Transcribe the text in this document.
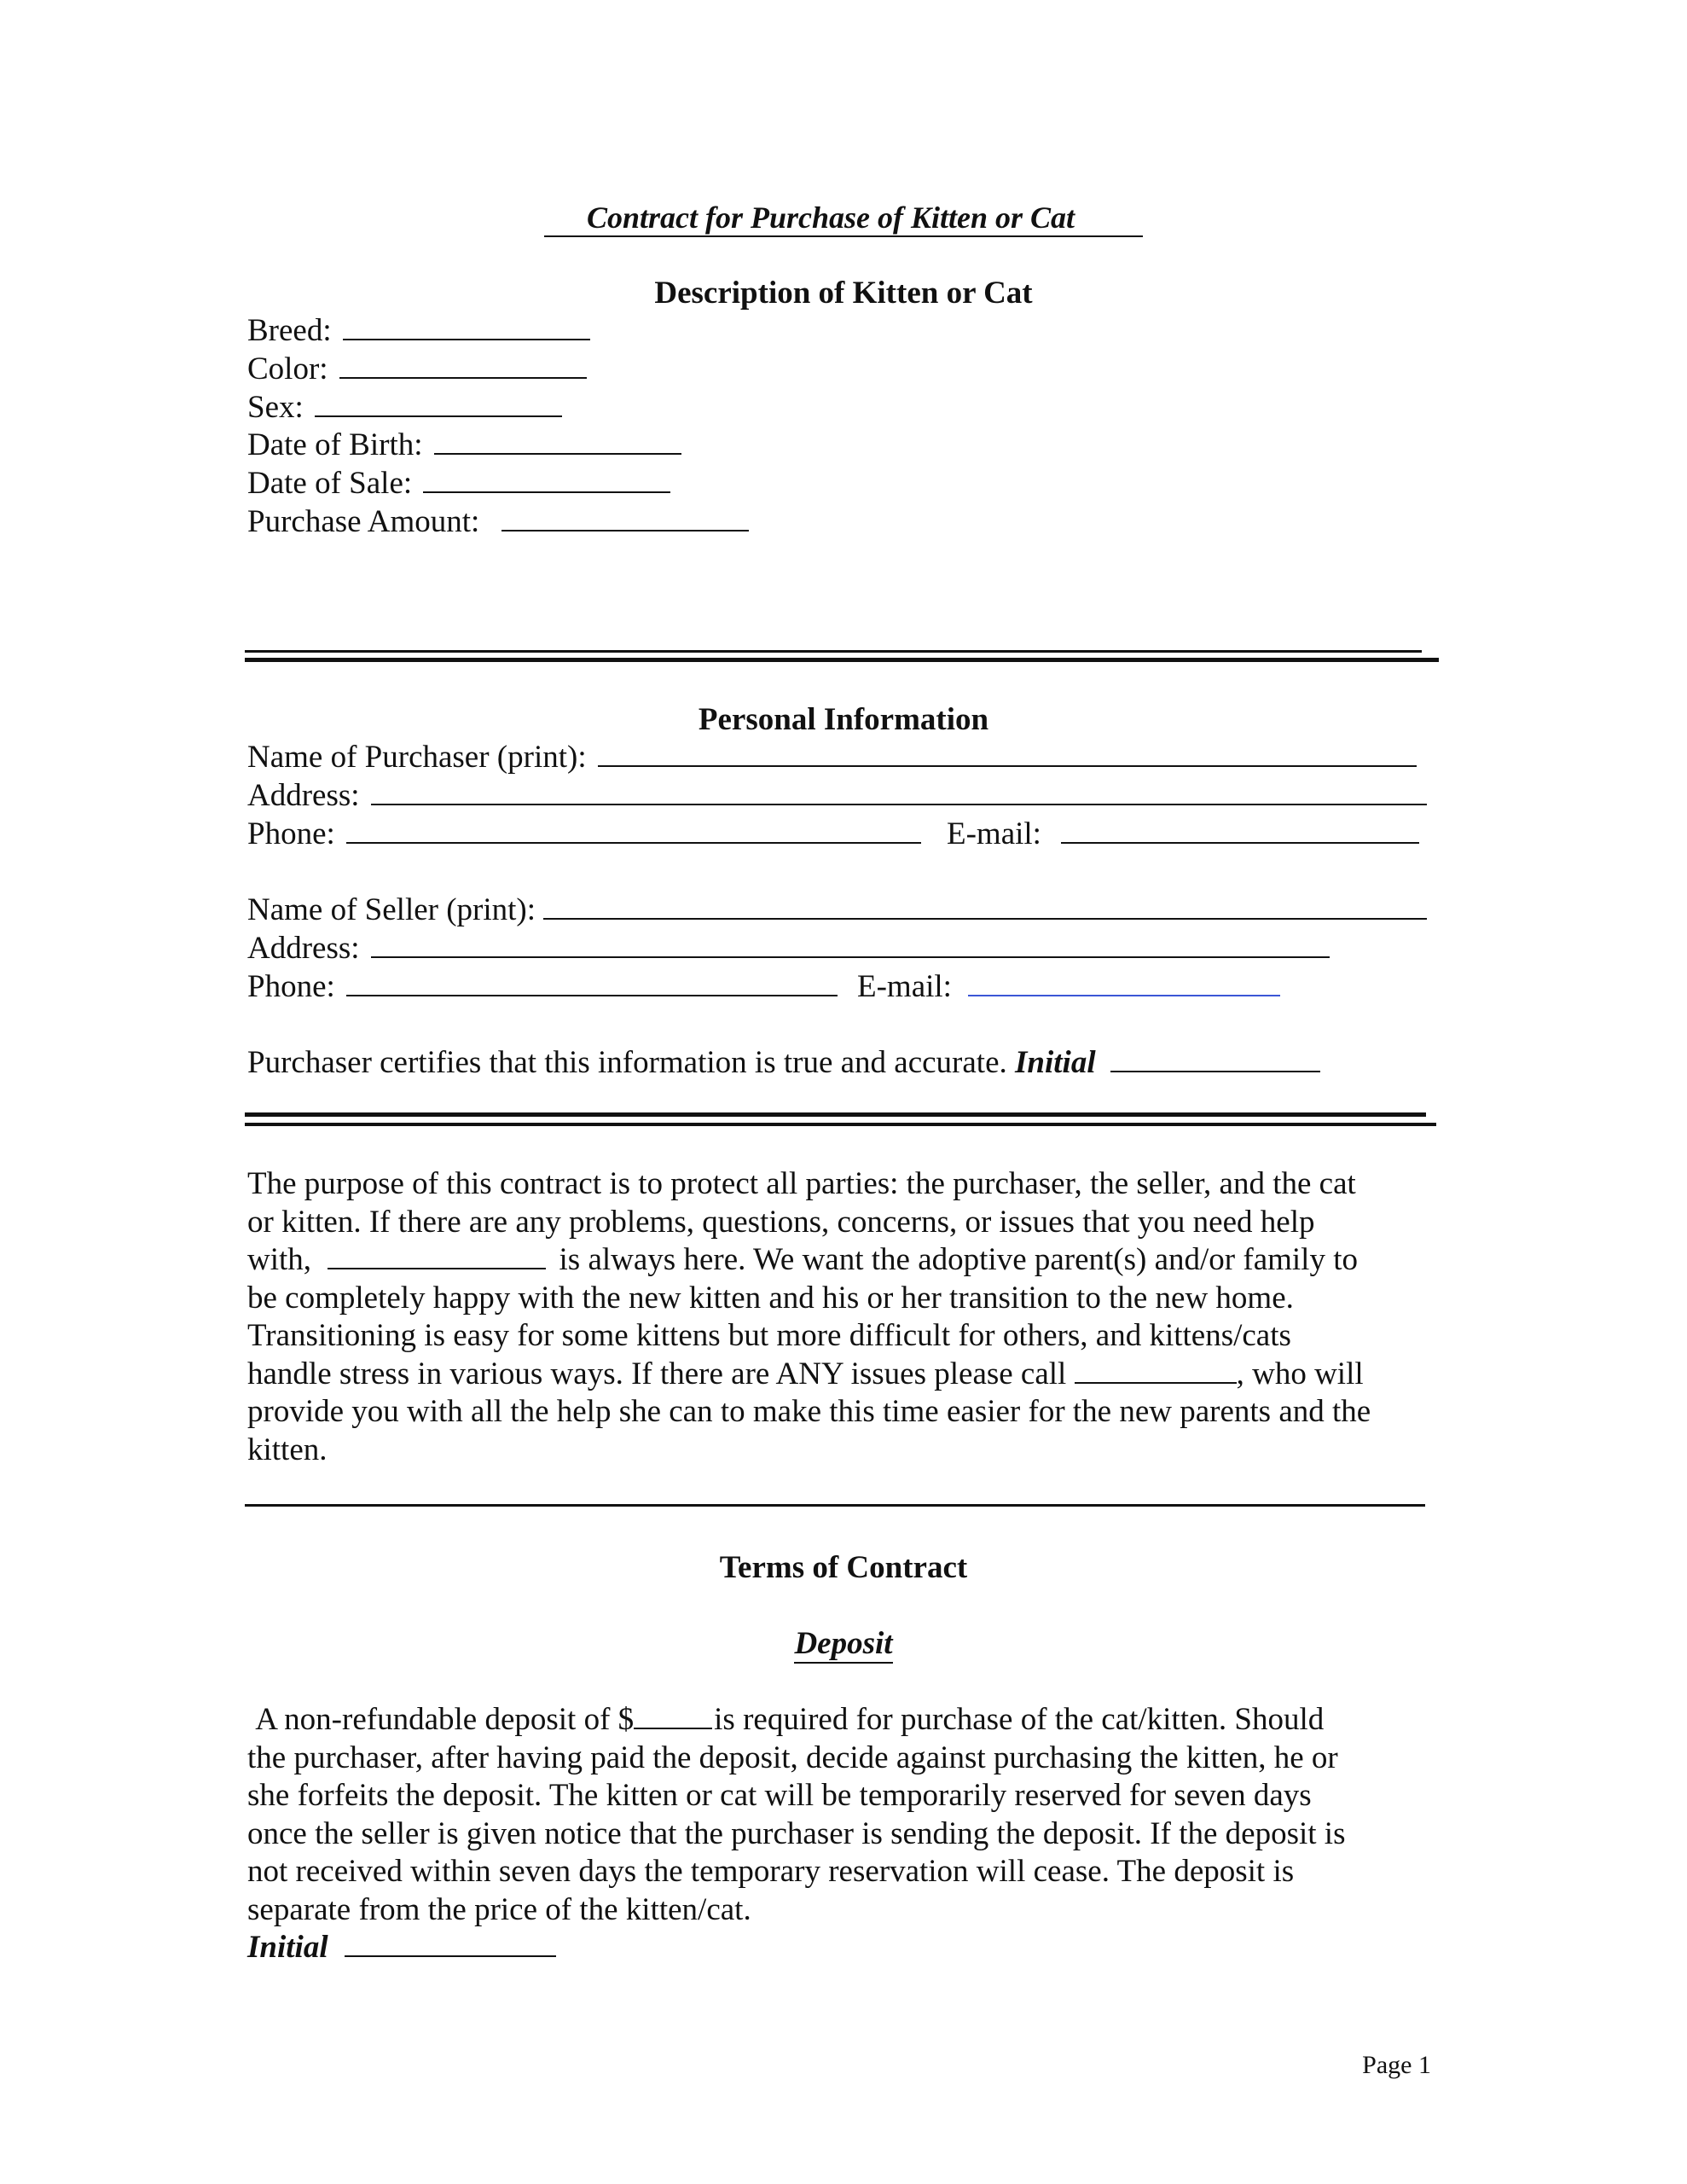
Contract for Purchase of Kitten or Cat
Description of Kitten or Cat
Breed:
Color:
Sex:
Date of Birth:
Date of Sale:
Purchase Amount:
Personal Information
Name of Purchaser (print):
Address:
Phone:	E-mail:
Name of Seller (print):
Address:
Phone:	E-mail:
Purchaser certifies that this information is true and accurate. Initial
The purpose of this contract is to protect all parties: the purchaser, the seller, and the cat
or kitten. If there are any problems, questions, concerns, or issues that you need help
with,	is always here. We want the adoptive parent(s) and/or family to
be completely happy with the new kitten and his or her transition to the new home.
Transitioning is easy for some kittens but more difficult for others, and kittens/cats
handle stress in various ways. If there are ANY issues please call	, who will
provide you with all the help she can to make this time easier for the new parents and the
kitten.
Terms of Contract
Deposit
A non-refundable deposit of $	is required for purchase of the cat/kitten. Should
the purchaser, after having paid the deposit, decide against purchasing the kitten, he or
she forfeits the deposit. The kitten or cat will be temporarily reserved for seven days
once the seller is given notice that the purchaser is sending the deposit. If the deposit is
not received within seven days the temporary reservation will cease. The deposit is
separate from the price of the kitten/cat.
Initial
Page 1
